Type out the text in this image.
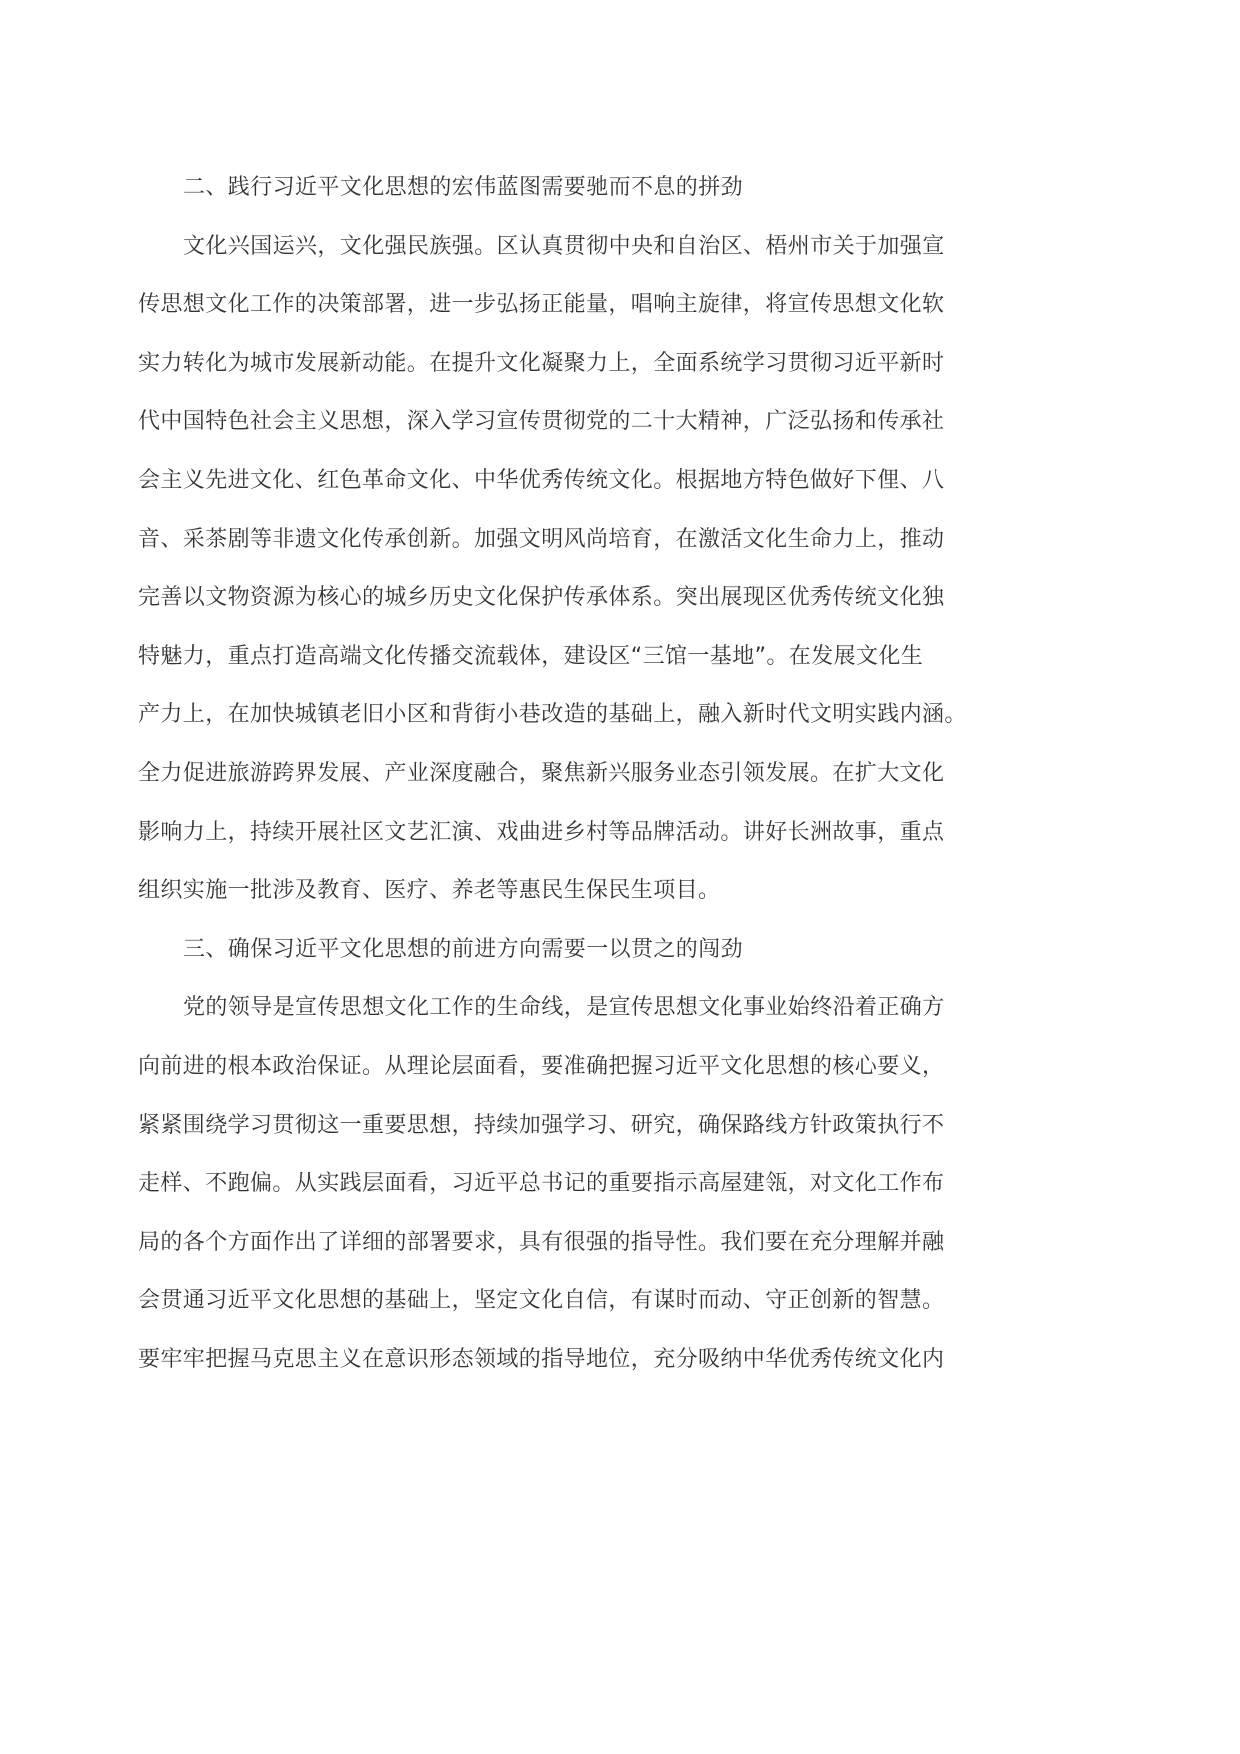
二、践行习近平文化思想的宏伟蓝图需要驰而不息的拼劲
文化兴国运兴，文化强民族强。区认真贯彻中央和自治区、梧州市关于加强宣
传思想文化工作的决策部署，进一步弘扬正能量，唱响主旋律，将宣传思想文化软
实力转化为城市发展新动能。在提升文化凝聚力上，全面系统学习贯彻习近平新时
代中国特色社会主义思想，深入学习宣传贯彻党的二十大精神，广泛弘扬和传承社
会主义先进文化、红色革命文化、中华优秀传统文化。根据地方特色做好下俚、八
音、采茶剧等非遗文化传承创新。加强文明风尚培育，在激活文化生命力上，推动
完善以文物资源为核心的城乡历史文化保护传承体系。突出展现区优秀传统文化独
特魅力，重点打造高端文化传播交流载体，建设区“三馆一基地”。在发展文化生
产力上，在加快城镇老旧小区和背街小巷改造的基础上，融入新时代文明实践内涵。
全力促进旅游跨界发展、产业深度融合，聚焦新兴服务业态引领发展。在扩大文化
影响力上，持续开展社区文艺汇演、戏曲进乡村等品牌活动。讲好长洲故事，重点
组织实施一批涉及教育、医疗、养老等惠民生保民生项目。
三、确保习近平文化思想的前进方向需要一以贯之的闯劲
党的领导是宣传思想文化工作的生命线，是宣传思想文化事业始终沿着正确方
向前进的根本政治保证。从理论层面看，要准确把握习近平文化思想的核心要义，
紧紧围绕学习贯彻这一重要思想，持续加强学习、研究，确保路线方针政策执行不
走样、不跑偏。从实践层面看，习近平总书记的重要指示高屋建瓴，对文化工作布
局的各个方面作出了详细的部署要求，具有很强的指导性。我们要在充分理解并融
会贯通习近平文化思想的基础上，坚定文化自信，有谋时而动、守正创新的智慧。
要牢牢把握马克思主义在意识形态领域的指导地位，充分吸纳中华优秀传统文化内
